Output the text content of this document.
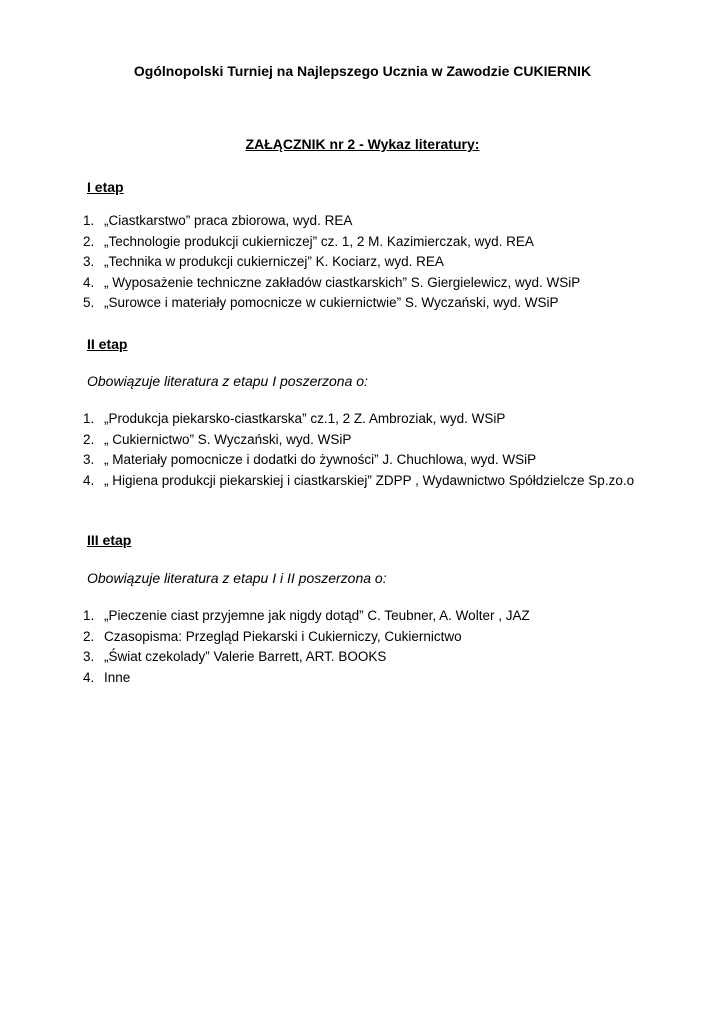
Ogólnopolski Turniej na Najlepszego Ucznia w Zawodzie CUKIERNIK

ZAŁĄCZNIK nr 2 - Wykaz literatury:

I etap

1. „Ciastkarstwo” praca zbiorowa, wyd. REA
2. „Technologie produkcji cukierniczej” cz. 1, 2 M. Kazimierczak, wyd. REA
3. „Technika w produkcji cukierniczej” K. Kociarz, wyd. REA
4. „ Wyposażenie techniczne zakładów ciastkarskich” S. Giergielewicz, wyd. WSiP
5. „Surowce i materiały pomocnicze w cukiernictwie” S. Wyczański, wyd. WSiP

II etap

Obowiązuje literatura z etapu I poszerzona o:

1. „Produkcja piekarsko-ciastkarska” cz.1, 2 Z. Ambroziak, wyd. WSiP
2. „ Cukiernictwo” S. Wyczański, wyd. WSiP
3. „ Materiały pomocnicze i dodatki do żywności” J. Chuchlowa, wyd. WSiP
4. „ Higiena produkcji piekarskiej i ciastkarskiej” ZDPP , Wydawnictwo Spółdzielcze Sp.zo.o

III etap

Obowiązuje literatura z etapu I i II poszerzona o:

1. „Pieczenie ciast przyjemne jak nigdy dotąd” C. Teubner, A. Wolter , JAZ
2. Czasopisma: Przegląd Piekarski i Cukierniczy, Cukiernictwo
3. „Świat czekolady” Valerie Barrett, ART. BOOKS
4. Inne
